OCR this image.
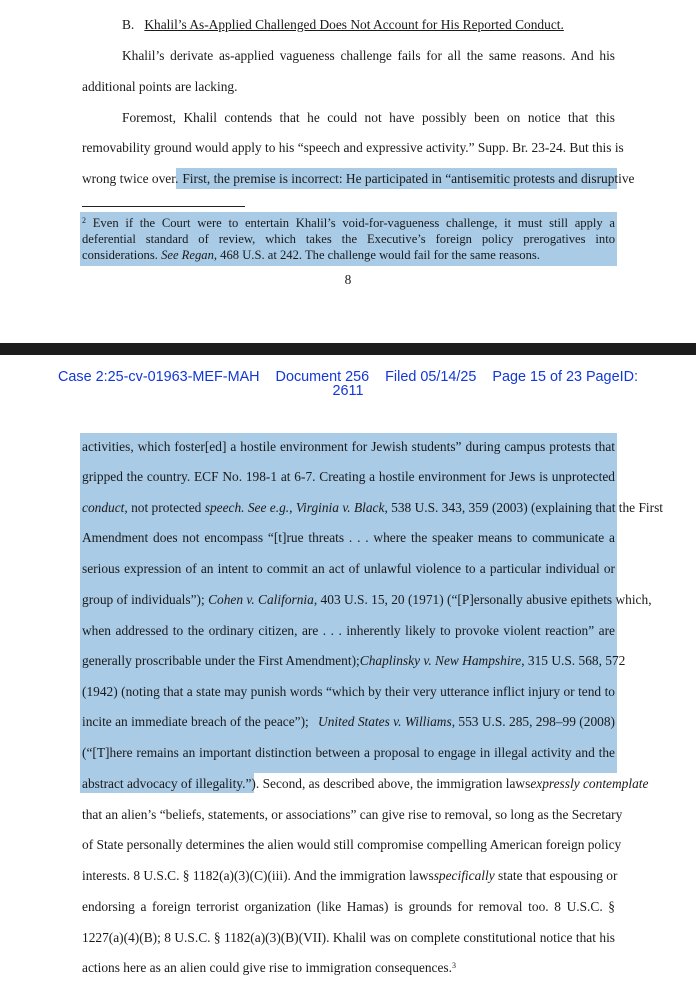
B. Khalil’s As-Applied Challenged Does Not Account for His Reported Conduct.
Khalil’s derivate as-applied vagueness challenge fails for all the same reasons. And his
additional points are lacking.
Foremost, Khalil contends that he could not have possibly been on notice that this
removability ground would apply to his “speech and expressive activity.” Supp. Br. 23-24. But this is
wrong twice over. First, the premise is incorrect: He participated in “antisemitic protests and disruptive
$^2$ Even if the Court were to entertain Khalil’s void-for-vagueness challenge, it must still apply a
deferential standard of review, which takes the Executive’s foreign policy prerogatives into
considerations. See Regan, 468 U.S. at 242. The challenge would fail for the same reasons.
8
Case 2:25-cv-01963-MEF-MAH    Document 256    Filed 05/14/25    Page 15 of 23 PageID:
2611
activities, which foster[ed] a hostile environment for Jewish students” during campus protests that
gripped the country. ECF No. 198-1 at 6-7. Creating a hostile environment for Jews is unprotected
conduct, not protected speech. See e.g., Virginia v. Black, 538 U.S. 343, 359 (2003) (explaining that the First
Amendment does not encompass “[t]rue threats . . . where the speaker means to communicate a
serious expression of an intent to commit an act of unlawful violence to a particular individual or
group of individuals”); Cohen v. California, 403 U.S. 15, 20 (1971) (“[P]ersonally abusive epithets which,
when addressed to the ordinary citizen, are . . . inherently likely to provoke violent reaction” are
generally proscribable under the First Amendment); Chaplinsky v. New Hampshire, 315 U.S. 568, 572
(1942) (noting that a state may punish words “which by their very utterance inflict injury or tend to
incite an immediate breach of the peace”); United States v. Williams, 553 U.S. 285, 298–99 (2008)
(“[T]here remains an important distinction between a proposal to engage in illegal activity and the
abstract advocacy of illegality.”). Second, as described above, the immigration laws expressly contemplate
that an alien’s “beliefs, statements, or associations” can give rise to removal, so long as the Secretary
of State personally determines the alien would still compromise compelling American foreign policy
interests. 8 U.S.C. § 1182(a)(3)(C)(iii). And the immigration laws specifically state that espousing or
endorsing a foreign terrorist organization (like Hamas) is grounds for removal too. 8 U.S.C. §
1227(a)(4)(B); 8 U.S.C. § 1182(a)(3)(B)(VII). Khalil was on complete constitutional notice that his
actions here as an alien could give rise to immigration consequences.$^3$
